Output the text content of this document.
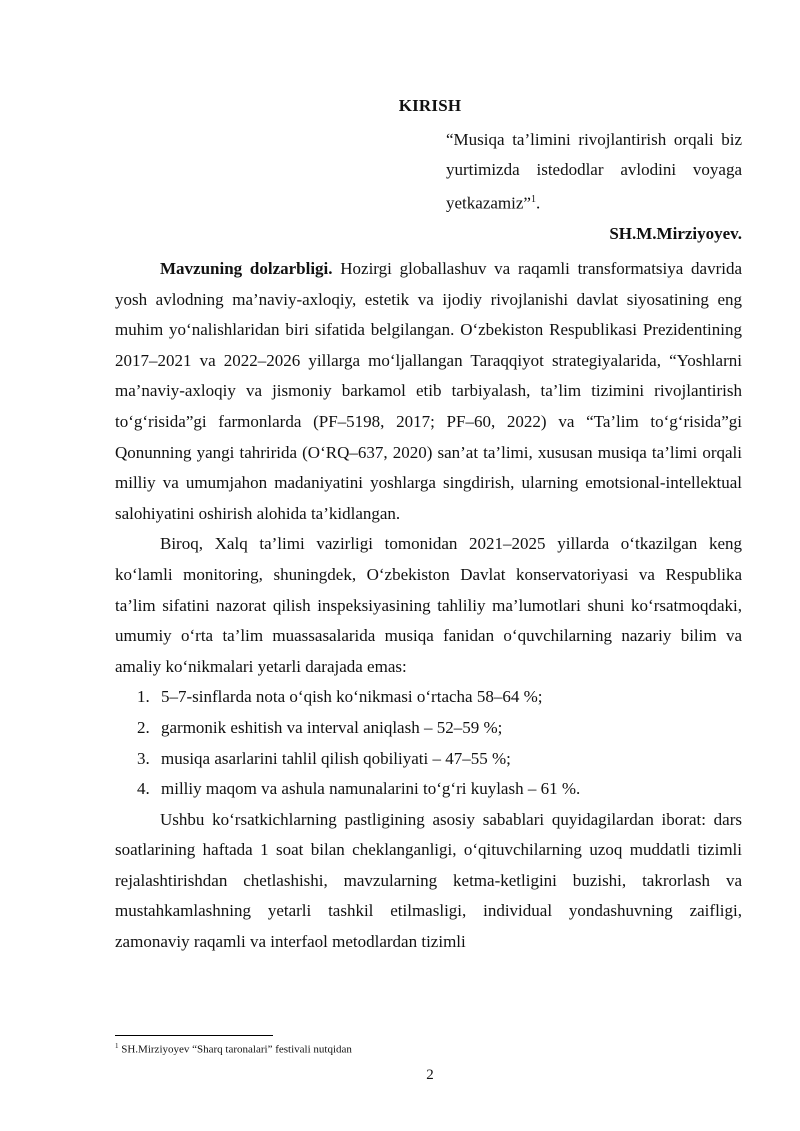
KIRISH
“Musiqa ta’limini rivojlantirish orqali biz yurtimizda istedodlar avlodini voyaga yetkazamiz”$^1$.
SH.M.Mirziyoyev.

Mavzuning dolzarbligi. Hozirgi globallashuv va raqamli transformatsiya davrida yosh avlodning ma’naviy-axloqiy, estetik va ijodiy rivojlanishi davlat siyosatining eng muhim yo‘nalishlaridan biri sifatida belgilangan. O‘zbekiston Respublikasi Prezidentining 2017–2021 va 2022–2026 yillarga mo‘ljallangan Taraqqiyot strategiyalarida, “Yoshlarni ma’naviy-axloqiy va jismoniy barkamol etib tarbiyalash, ta’lim tizimini rivojlantirish to‘g‘risida”gi farmonlarda (PF–5198, 2017; PF–60, 2022) va “Ta’lim to‘g‘risida”gi Qonunning yangi tahririda (O‘RQ–637, 2020) san’at ta’limi, xususan musiqa ta’limi orqali milliy va umumjahon madaniyatini yoshlarga singdirish, ularning emotsional-intellektual salohiyatini oshirish alohida ta’kidlangan.

Biroq, Xalq ta’limi vazirligi tomonidan 2021–2025 yillarda o‘tkazilgan keng ko‘lamli monitoring, shuningdek, O‘zbekiston Davlat konservatoriyasi va Respublika ta’lim sifatini nazorat qilish inspeksiyasining tahliliy ma’lumotlari shuni ko‘rsatmoqdaki, umumiy o‘rta ta’lim muassasalarida musiqa fanidan o‘quvchilarning nazariy bilim va amaliy ko‘nikmalari yetarli darajada emas:

1. 5–7-sinflarda nota o‘qish ko‘nikmasi o‘rtacha 58–64 %;
2. garmonik eshitish va interval aniqlash – 52–59 %;
3. musiqa asarlarini tahlil qilish qobiliyati – 47–55 %;
4. milliy maqom va ashula namunalarini to‘g‘ri kuylash – 61 %.

Ushbu ko‘rsatkichlarning pastligining asosiy sabablari quyidagilardan iborat: dars soatlarining haftada 1 soat bilan cheklanganligi, o‘qituvchilarning uzoq muddatli tizimli rejalashtirishdan chetlashishi, mavzularning ketma-ketligini buzishi, takrorlash va mustahkamlashning yetarli tashkil etilmasligi, individual yondashuvning zaifligi, zamonaviy raqamli va interfaol metodlardan tizimli

$^1$ SH.Mirziyoyev “Sharq taronalari” festivali nutqidan
2
